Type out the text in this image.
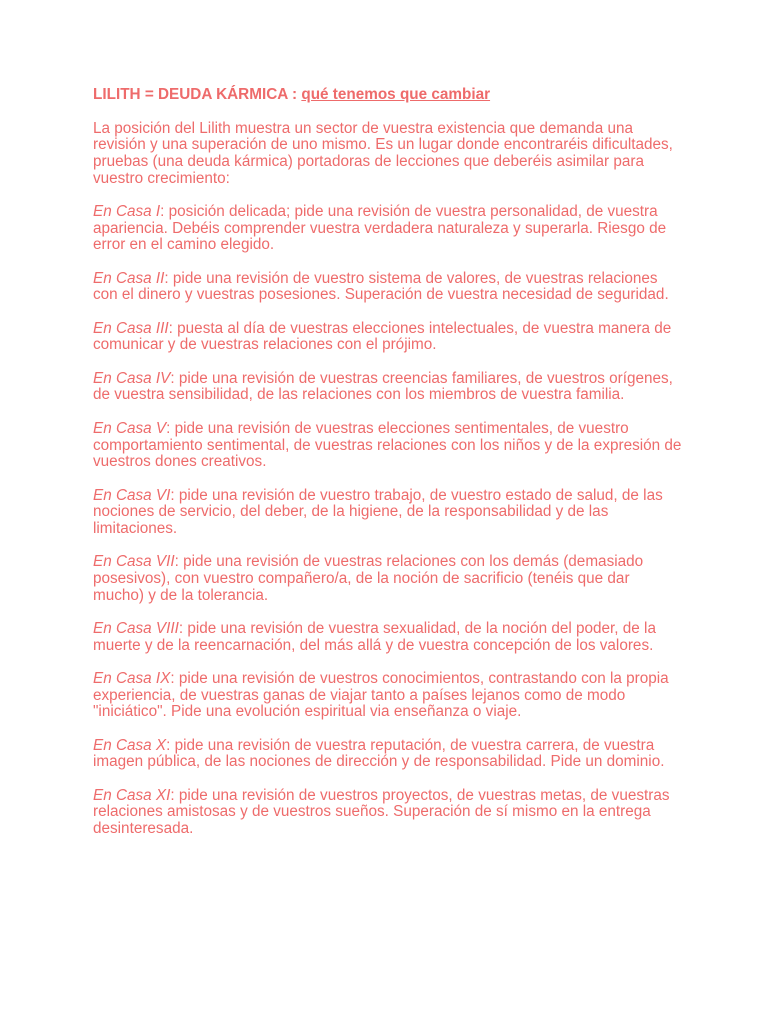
LILITH = DEUDA KÁRMICA : qué tenemos que cambiar

La posición del Lilith muestra un sector de vuestra existencia que demanda una revisión y una superación de uno mismo. Es un lugar donde encontraréis dificultades, pruebas (una deuda kármica) portadoras de lecciones que deberéis asimilar para vuestro crecimiento:

En Casa I: posición delicada; pide una revisión de vuestra personalidad, de vuestra apariencia. Debéis comprender vuestra verdadera naturaleza y superarla. Riesgo de error en el camino elegido.

En Casa II: pide una revisión de vuestro sistema de valores, de vuestras relaciones con el dinero y vuestras posesiones. Superación de vuestra necesidad de seguridad.

En Casa III: puesta al día de vuestras elecciones intelectuales, de vuestra manera de comunicar y de vuestras relaciones con el prójimo.

En Casa IV: pide una revisión de vuestras creencias familiares, de vuestros orígenes, de vuestra sensibilidad, de las relaciones con los miembros de vuestra familia.

En Casa V: pide una revisión de vuestras elecciones sentimentales, de vuestro comportamiento sentimental, de vuestras relaciones con los niños y de la expresión de vuestros dones creativos.

En Casa VI: pide una revisión de vuestro trabajo, de vuestro estado de salud, de las nociones de servicio, del deber, de la higiene, de la responsabilidad y de las limitaciones.

En Casa VII: pide una revisión de vuestras relaciones con los demás (demasiado posesivos), con vuestro compañero/a, de la noción de sacrificio (tenéis que dar mucho) y de la tolerancia.

En Casa VIII: pide una revisión de vuestra sexualidad, de la noción del poder, de la muerte y de la reencarnación, del más allá y de vuestra concepción de los valores.

En Casa IX: pide una revisión de vuestros conocimientos, contrastando con la propia experiencia, de vuestras ganas de viajar tanto a países lejanos como de modo "iniciático". Pide una evolución espiritual via enseñanza o viaje.

En Casa X: pide una revisión de vuestra reputación, de vuestra carrera, de vuestra imagen pública, de las nociones de dirección y de responsabilidad. Pide un dominio.

En Casa XI: pide una revisión de vuestros proyectos, de vuestras metas, de vuestras relaciones amistosas y de vuestros sueños. Superación de sí mismo en la entrega desinteresada.
